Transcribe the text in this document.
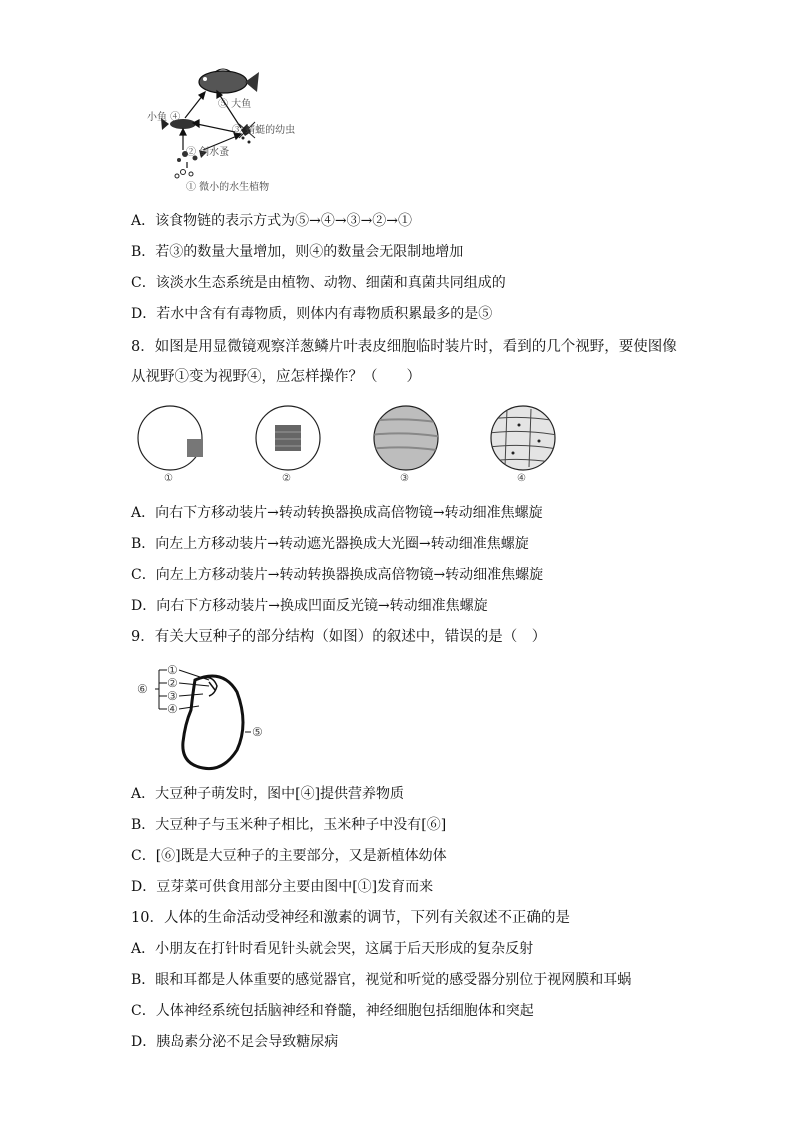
⑤ 大鱼
小鱼 ④
③ 蜻蜓的幼虫
② 剑水蚤
① 微小的水生植物
A．该食物链的表示方式为⑤→④→③→②→①
B．若③的数量大量增加，则④的数量会无限制地增加
C．该淡水生态系统是由植物、动物、细菌和真菌共同组成的
D．若水中含有有毒物质，则体内有毒物质积累最多的是⑤
8．如图是用显微镜观察洋葱鳞片叶表皮细胞临时装片时，看到的几个视野，要使图像
从视野①变为视野④，应怎样操作？（　　）
①	②	③	④
A．向右下方移动装片→转动转换器换成高倍物镜→转动细准焦螺旋
B．向左上方移动装片→转动遮光器换成大光圈→转动细准焦螺旋
C．向左上方移动装片→转动转换器换成高倍物镜→转动细准焦螺旋
D．向右下方移动装片→换成凹面反光镜→转动细准焦螺旋
9．有关大豆种子的部分结构（如图）的叙述中，错误的是（　）
①
②
③
④
⑤
⑥
A．大豆种子萌发时，图中[④]提供营养物质
B．大豆种子与玉米种子相比，玉米种子中没有[⑥]
C．[⑥]既是大豆种子的主要部分，又是新植体幼体
D．豆芽菜可供食用部分主要由图中[①]发育而来
10．人体的生命活动受神经和激素的调节，下列有关叙述不正确的是
A．小朋友在打针时看见针头就会哭，这属于后天形成的复杂反射
B．眼和耳都是人体重要的感觉器官，视觉和听觉的感受器分别位于视网膜和耳蜗
C．人体神经系统包括脑神经和脊髓，神经细胞包括细胞体和突起
D．胰岛素分泌不足会导致糖尿病
